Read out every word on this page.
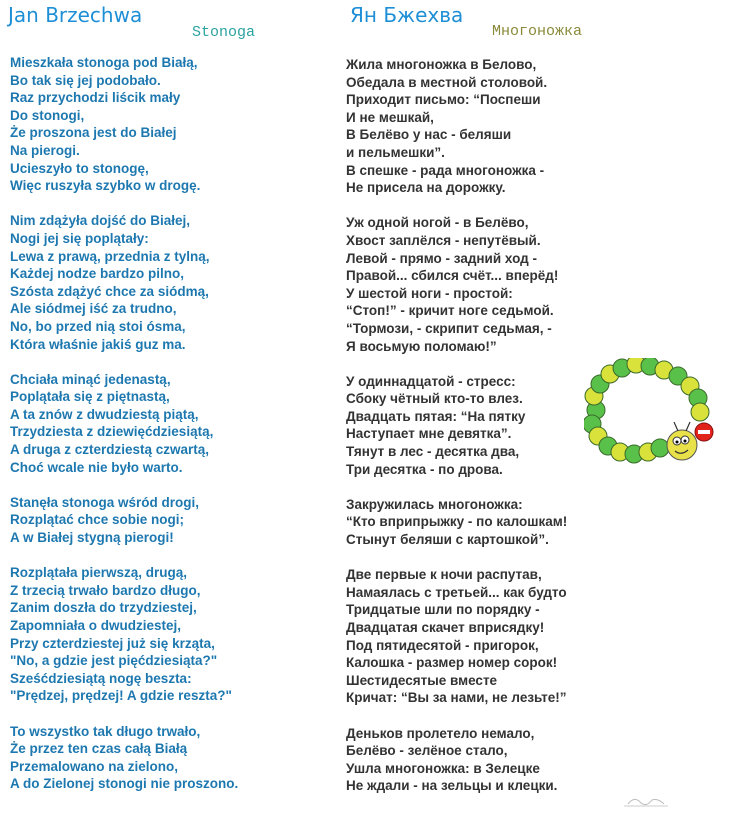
Jan Brzechwa
Stonoga
Mieszkała stonoga pod Białą,
Bo tak się jej podobało.
Raz przychodzi liścik mały
Do stonogi,
Że proszona jest do Białej
Na pierogi.
Ucieszyło to stonogę,
Więc ruszyła szybko w drogę.
Nim zdążyła dojść do Białej,
Nogi jej się poplątały:
Lewa z prawą, przednia z tylną,
Każdej nodze bardzo pilno,
Szósta zdążyć chce za siódmą,
Ale siódmej iść za trudno,
No, bo przed nią stoi ósma,
Która właśnie jakiś guz ma.
Chciała minąć jedenastą,
Poplątała się z piętnastą,
A ta znów z dwudziestą piątą,
Trzydziesta z dziewięćdziesiątą,
A druga z czterdziestą czwartą,
Choć wcale nie było warto.
Stanęła stonoga wśród drogi,
Rozplątać chce sobie nogi;
A w Białej stygną pierogi!
Rozplątała pierwszą, drugą,
Z trzecią trwało bardzo długo,
Zanim doszła do trzydziestej,
Zapomniała o dwudziestej,
Przy czterdziestej już się krząta,
"No, a gdzie jest pięćdziesiąta?"
Sześćdziesiątą nogę beszta:
"Prędzej, prędzej! A gdzie reszta?"
To wszystko tak długo trwało,
Że przez ten czas całą Białą
Przemalowano na zielono,
A do Zielonej stonogi nie proszono.
Ян Бжехва
Многоножка
Жила многоножка в Белово,
Обедала в местной столовой.
Приходит письмо: “Поспеши
И не мешкай,
В Белёво у нас - беляши
и пельмешки”.
В спешке - рада многоножка -
Не присела на дорожку.
Уж одной ногой - в Белёво,
Хвост заплёлся - непутёвый.
Левой - прямо - задний ход -
Правой... сбился счёт... вперёд!
У шестой ноги - простой:
“Стоп!” - кричит ноге седьмой.
“Тормози, - скрипит седьмая, -
Я восьмую поломаю!”
У одиннадцатой - стресс:
Сбоку чётный кто-то влез.
Двадцать пятая: “На пятку
Наступает мне девятка”.
Тянут в лес - десятка два,
Три десятка - по дрова.
Закружилась многоножка:
“Кто вприпрыжку - по калошкам!
Стынут беляши с картошкой”.
Две первые к ночи распутав,
Намаялась с третьей... как будто
Тридцатые шли по порядку -
Двадцатая скачет вприсядку!
Под пятидесятой - пригорок,
Калошка - размер номер сорок!
Шестидесятые вместе
Кричат: “Вы за нами, не лезьте!”
Деньков пролетело немало,
Белёво - зелёное стало,
Ушла многоножка: в Зелецке
Не ждали - на зельцы и клецки.
